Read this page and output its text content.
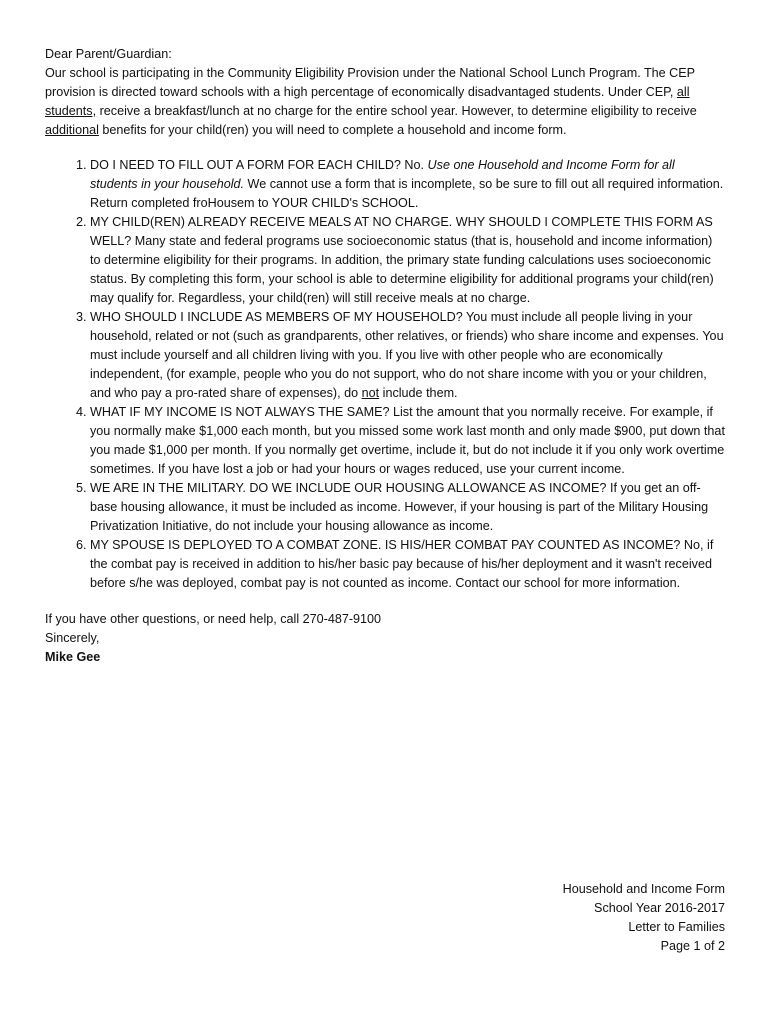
Dear Parent/Guardian:

Our school is participating in the Community Eligibility Provision under the National School Lunch Program. The CEP provision is directed toward schools with a high percentage of economically disadvantaged students. Under CEP, all students, receive a breakfast/lunch at no charge for the entire school year. However, to determine eligibility to receive additional benefits for your child(ren) you will need to complete a household and income form.

1. DO I NEED TO FILL OUT A FORM FOR EACH CHILD? No. Use one Household and Income Form for all students in your household. We cannot use a form that is incomplete, so be sure to fill out all required information. Return completed froHousem to YOUR CHILD's SCHOOL.
2. MY CHILD(REN) ALREADY RECEIVE MEALS AT NO CHARGE. WHY SHOULD I COMPLETE THIS FORM AS WELL? Many state and federal programs use socioeconomic status (that is, household and income information) to determine eligibility for their programs. In addition, the primary state funding calculations uses socioeconomic status. By completing this form, your school is able to determine eligibility for additional programs your child(ren) may qualify for. Regardless, your child(ren) will still receive meals at no charge.
3. WHO SHOULD I INCLUDE AS MEMBERS OF MY HOUSEHOLD? You must include all people living in your household, related or not (such as grandparents, other relatives, or friends) who share income and expenses. You must include yourself and all children living with you. If you live with other people who are economically independent, (for example, people who you do not support, who do not share income with you or your children, and who pay a pro-rated share of expenses), do not include them.
4. WHAT IF MY INCOME IS NOT ALWAYS THE SAME? List the amount that you normally receive. For example, if you normally make $1,000 each month, but you missed some work last month and only made $900, put down that you made $1,000 per month. If you normally get overtime, include it, but do not include it if you only work overtime sometimes. If you have lost a job or had your hours or wages reduced, use your current income.
5. WE ARE IN THE MILITARY. DO WE INCLUDE OUR HOUSING ALLOWANCE AS INCOME? If you get an off-base housing allowance, it must be included as income. However, if your housing is part of the Military Housing Privatization Initiative, do not include your housing allowance as income.
6. MY SPOUSE IS DEPLOYED TO A COMBAT ZONE. IS HIS/HER COMBAT PAY COUNTED AS INCOME? No, if the combat pay is received in addition to his/her basic pay because of his/her deployment and it wasn't received before s/he was deployed, combat pay is not counted as income. Contact our school for more information.
If you have other questions, or need help, call 270-487-9100
Sincerely,
Mike Gee
Household and Income Form
School Year 2016-2017
Letter to Families
Page 1 of 2
